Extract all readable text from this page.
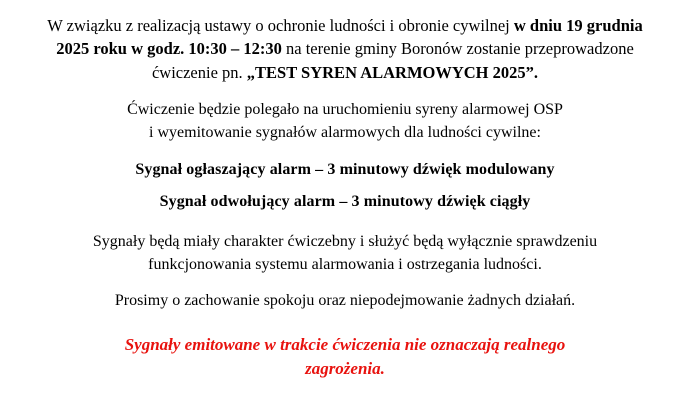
W związku z realizacją ustawy o ochronie ludności i obronie cywilnej w dniu 19 grudnia 2025 roku w godz. 10:30 – 12:30 na terenie gminy Boronów zostanie przeprowadzone ćwiczenie pn. „TEST SYREN ALARMOWYCH 2025”.

Ćwiczenie będzie polegało na uruchomieniu syreny alarmowej OSP
i wyemitowanie sygnałów alarmowych dla ludności cywilne:

Sygnał ogłaszający alarm – 3 minutowy dźwięk modulowany

Sygnał odwołujący alarm – 3 minutowy dźwięk ciągły

Sygnały będą miały charakter ćwiczebny i służyć będą wyłącznie sprawdzeniu
funkcjonowania systemu alarmowania i ostrzegania ludności.

Prosimy o zachowanie spokoju oraz niepodejmowanie żadnych działań.

Sygnały emitowane w trakcie ćwiczenia nie oznaczają realnego
zagrożenia.
